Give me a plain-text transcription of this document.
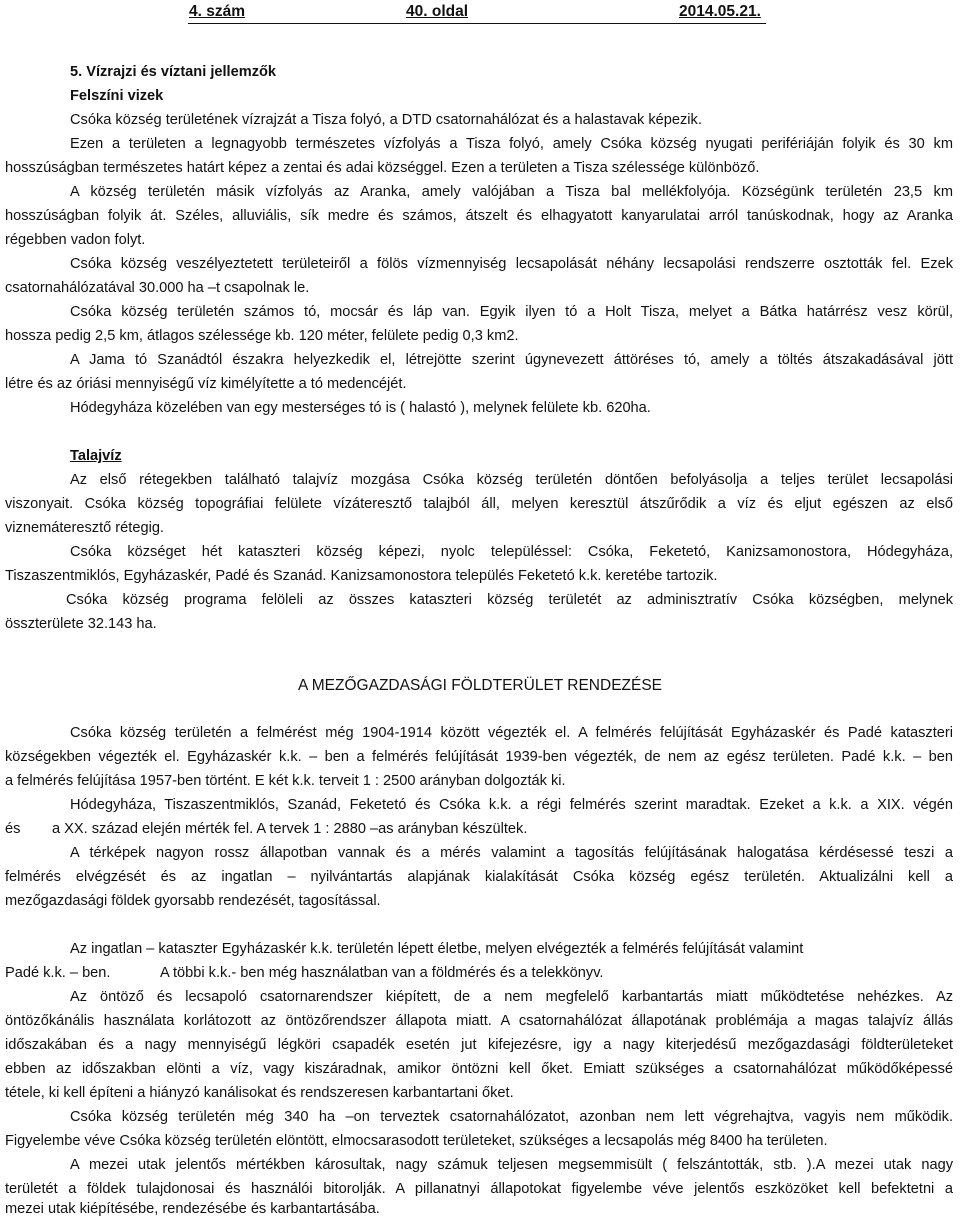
4. szám	40. oldal	2014.05.21.
5. Vízrajzi és víztani jellemzők
Felszíni vizek
Csóka község területének vízrajzát a Tisza folyó, a DTD csatornahálózat és a halastavak képezik.
Ezen a területen a legnagyobb természetes vízfolyás a Tisza folyó, amely Csóka község nyugati perifériáján folyik és 30 km
hosszúságban természetes határt képez a zentai és adai községgel. Ezen a területen a Tisza szélessége különböző.
A község területén másik vízfolyás az Aranka, amely valójában a Tisza bal mellékfolyója. Községünk területén 23,5 km
hosszúságban folyik át. Széles, alluviális, sík medre és számos, átszelt és elhagyatott kanyarulatai arról tanúskodnak, hogy az Aranka
régebben vadon folyt.
Csóka község veszélyeztetett területeiről a fölös vízmennyiség lecsapolását néhány lecsapolási rendszerre osztották fel. Ezek
csatornahálózatával 30.000 ha –t csapolnak le.
Csóka község területén számos tó, mocsár és láp van. Egyik ilyen tó a Holt Tisza, melyet a Bátka határrész vesz körül,
hossza pedig 2,5 km, átlagos szélessége kb. 120 méter, felülete pedig 0,3 km2.
A Jama tó Szanádtól északra helyezkedik el, létrejötte szerint úgynevezett áttöréses tó, amely a töltés átszakadásával jött
létre és az óriási mennyiségű víz kimélyítette a tó medencéjét.
Hódegyháza közelében van egy mesterséges tó is ( halastó ), melynek felülete kb. 620ha.
Talajvíz
Az első rétegekben található talajvíz mozgása Csóka község területén döntően befolyásolja a teljes terület lecsapolási
viszonyait. Csóka község topográfiai felülete vízáteresztő talajból áll, melyen keresztül átszűrődik a víz és eljut egészen az első
viznemáteresztő rétegig.
Csóka községet hét kataszteri község képezi, nyolc településsel: Csóka, Feketetó, Kanizsamonostora, Hódegyháza,
Tiszaszentmiklós, Egyházaskér, Padé és Szanád. Kanizsamonostora település Feketetó k.k. keretébe tartozik.
Csóka község programa felöleli az összes kataszteri község területét az adminisztratív Csóka községben, melynek
összterülete 32.143 ha.
A MEZŐGAZDASÁGI FÖLDTERÜLET RENDEZÉSE
Csóka község területén a felmérést még 1904-1914 között végezték el. A felmérés felújítását Egyházaskér és Padé kataszteri
községekben végezték el. Egyházaskér k.k. – ben a felmérés felújítását 1939-ben végezték, de nem az egész területen. Padé k.k. – ben
a felmérés felújítása 1957-ben történt. E két k.k. terveit 1 : 2500 arányban dolgozták ki.
Hódegyháza, Tiszaszentmiklós, Szanád, Feketetó és Csóka k.k. a régi felmérés szerint maradtak. Ezeket a k.k. a XIX. végén
és a XX. század elején mérték fel. A tervek 1 : 2880 –as arányban készültek.
A térképek nagyon rossz állapotban vannak és a mérés valamint a tagosítás felújításának halogatása kérdésessé teszi a
felmérés elvégzését és az ingatlan – nyilvántartás alapjának kialakítását Csóka község egész területén. Aktualizálni kell a
mezőgazdasági földek gyorsabb rendezését, tagosítással.
Az ingatlan – kataszter Egyházaskér k.k. területén lépett életbe, melyen elvégezték a felmérés felújítását valamint
Padé k.k. – ben.	A többi k.k.- ben még használatban van a földmérés és a telekkönyv.
Az öntöző és lecsapoló csatornarendszer kiépített, de a nem megfelelő karbantartás miatt működtetése nehézkes. Az
öntözőkánális használata korlátozott az öntözőrendszer állapota miatt. A csatornahálózat állapotának problémája a magas talajvíz állás
időszakában és a nagy mennyiségű légköri csapadék esetén jut kifejezésre, igy a nagy kiterjedésű mezőgazdasági földterületeket
ebben az időszakban elönti a víz, vagy kiszáradnak, amikor öntözni kell őket. Emiatt szükséges a csatornahálózat működőképessé
tétele, ki kell építeni a hiányzó kanálisokat és rendszeresen karbantartani őket.
Csóka község területén még 340 ha –on terveztek csatornahálózatot, azonban nem lett végrehajtva, vagyis nem működik.
Figyelembe véve Csóka község területén elöntött, elmocsarasodott területeket, szükséges a lecsapolás még 8400 ha területen.
A mezei utak jelentős mértékben károsultak, nagy számuk teljesen megsemmisült ( felszántották, stb. ).A mezei utak nagy
területét a földek tulajdonosai és használói bitorolják. A pillanatnyi állapotokat figyelembe véve jelentős eszközöket kell befektetni a
mezei utak kiépítésébe, rendezésébe és karbantartásába.
